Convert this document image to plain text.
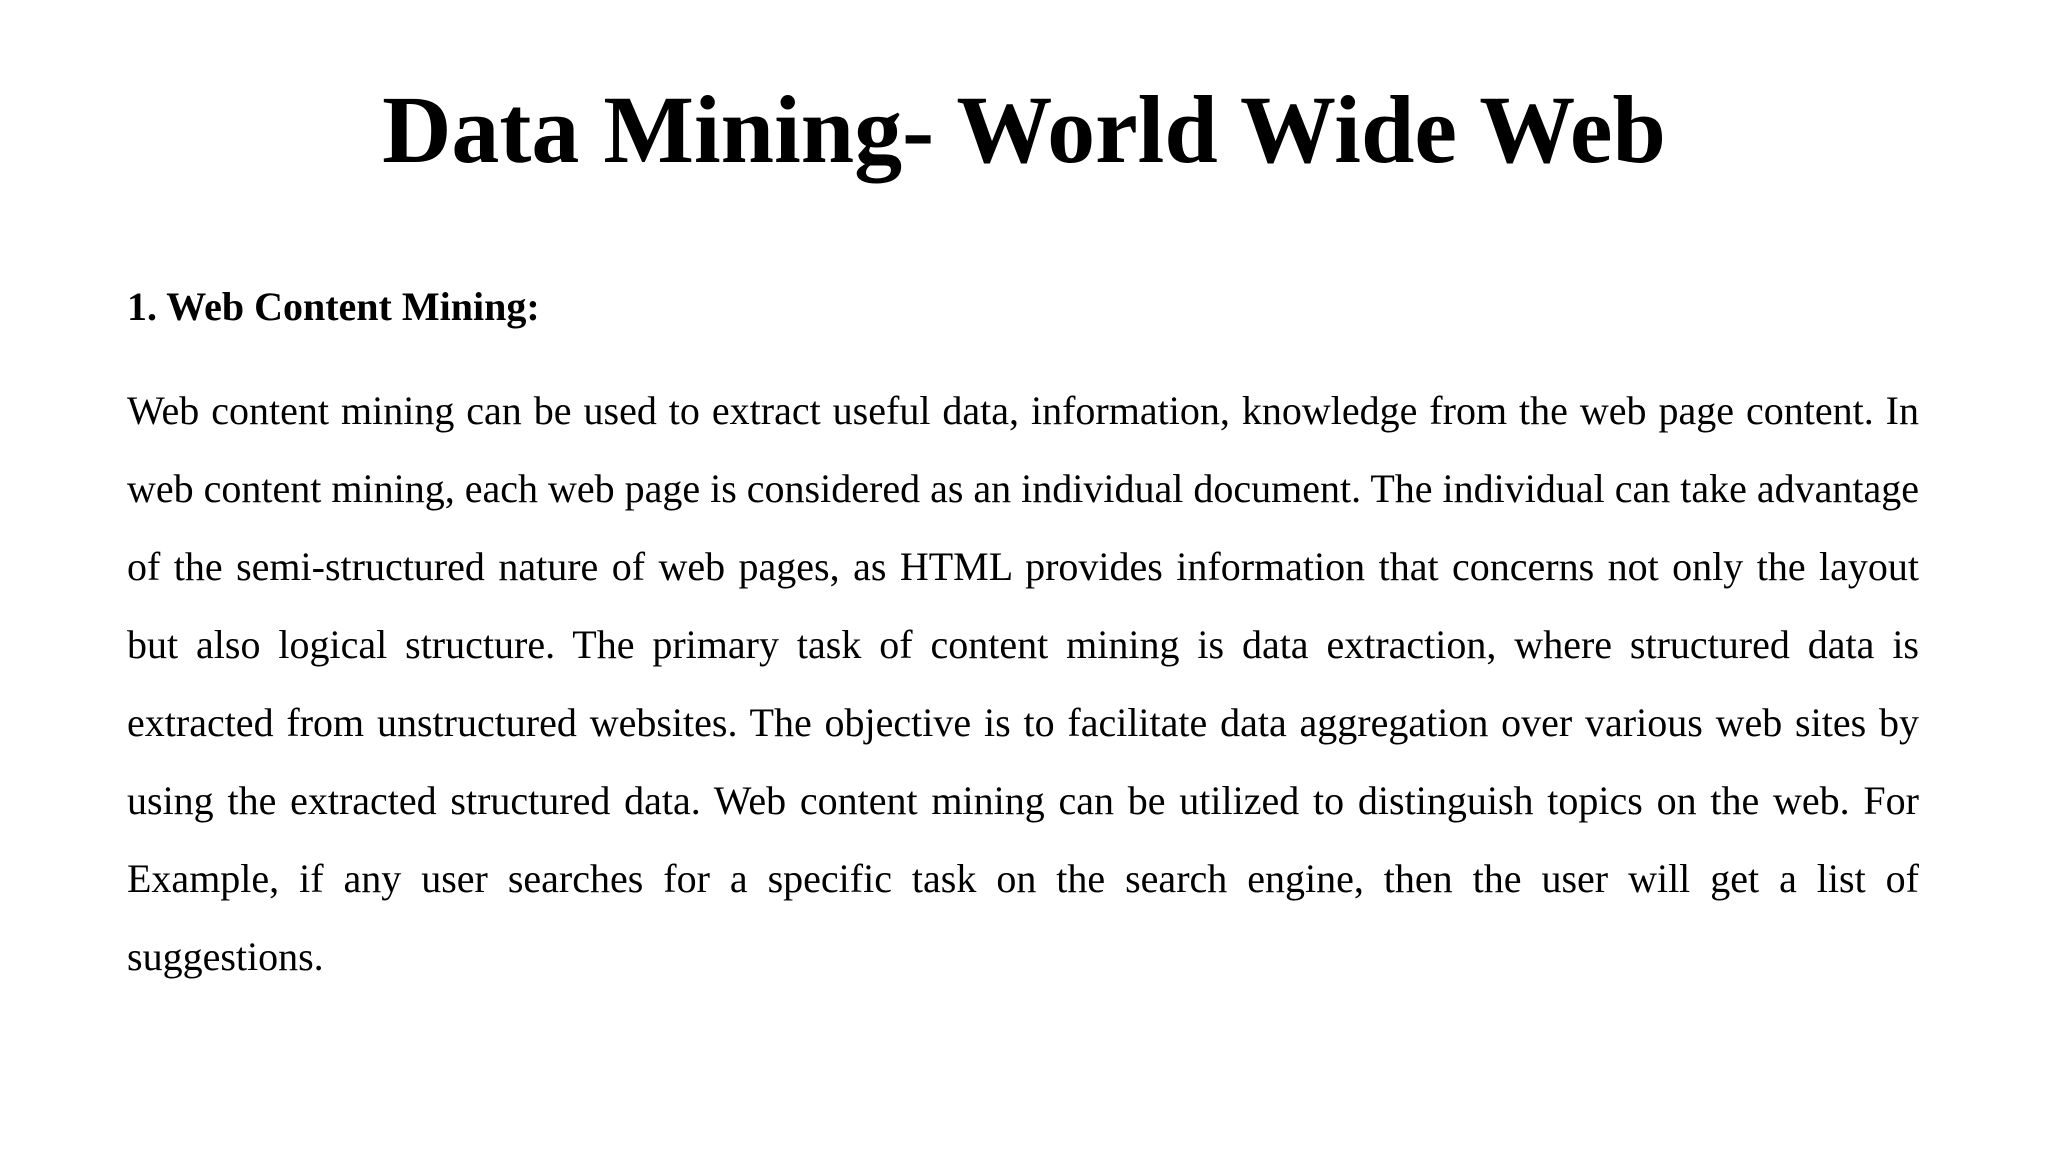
Data Mining- World Wide Web
1. Web Content Mining:

Web content mining can be used to extract useful data, information, knowledge from the web page content. In web content mining, each web page is considered as an individual document. The individual can take advantage of the semi-structured nature of web pages, as HTML provides information that concerns not only the layout but also logical structure. The primary task of content mining is data extraction, where structured data is extracted from unstructured websites. The objective is to facilitate data aggregation over various web sites by using the extracted structured data. Web content mining can be utilized to distinguish topics on the web. For Example, if any user searches for a specific task on the search engine, then the user will get a list of suggestions.
